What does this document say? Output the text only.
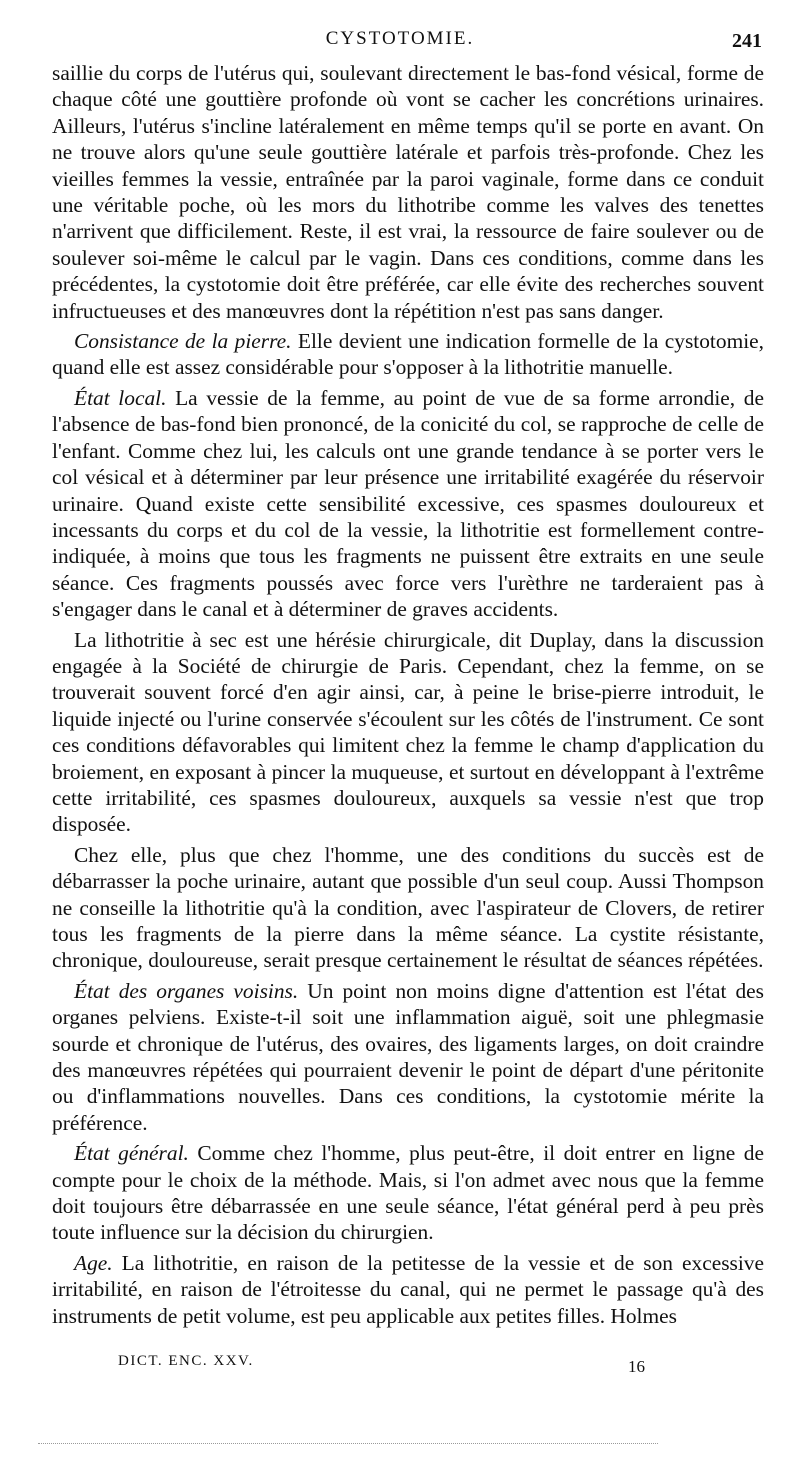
CYSTOTOMIE.	241

saillie du corps de l'utérus qui, soulevant directement le bas-fond vésical, forme de chaque côté une gouttière profonde où vont se cacher les concrétions urinaires. Ailleurs, l'utérus s'incline latéralement en même temps qu'il se porte en avant. On ne trouve alors qu'une seule gouttière latérale et parfois très-profonde. Chez les vieilles femmes la vessie, entraînée par la paroi vaginale, forme dans ce conduit une véritable poche, où les mors du lithotribe comme les valves des tenettes n'arrivent que difficilement. Reste, il est vrai, la ressource de faire soulever ou de soulever soi-même le calcul par le vagin. Dans ces conditions, comme dans les précédentes, la cystotomie doit être préférée, car elle évite des recherches souvent infructueuses et des manœuvres dont la répétition n'est pas sans danger.

Consistance de la pierre. Elle devient une indication formelle de la cystotomie, quand elle est assez considérable pour s'opposer à la lithotritie manuelle.

État local. La vessie de la femme, au point de vue de sa forme arrondie, de l'absence de bas-fond bien prononcé, de la conicité du col, se rapproche de celle de l'enfant. Comme chez lui, les calculs ont une grande tendance à se porter vers le col vésical et à déterminer par leur présence une irritabilité exagérée du réservoir urinaire. Quand existe cette sensibilité excessive, ces spasmes douloureux et incessants du corps et du col de la vessie, la lithotritie est formellement contre-indiquée, à moins que tous les fragments ne puissent être extraits en une seule séance. Ces fragments poussés avec force vers l'urèthre ne tarderaient pas à s'engager dans le canal et à déterminer de graves accidents.

La lithotritie à sec est une hérésie chirurgicale, dit Duplay, dans la discussion engagée à la Société de chirurgie de Paris. Cependant, chez la femme, on se trouverait souvent forcé d'en agir ainsi, car, à peine le brise-pierre introduit, le liquide injecté ou l'urine conservée s'écoulent sur les côtés de l'instrument. Ce sont ces conditions défavorables qui limitent chez la femme le champ d'application du broiement, en exposant à pincer la muqueuse, et surtout en développant à l'extrême cette irritabilité, ces spasmes douloureux, auxquels sa vessie n'est que trop disposée.

Chez elle, plus que chez l'homme, une des conditions du succès est de débarrasser la poche urinaire, autant que possible d'un seul coup. Aussi Thompson ne conseille la lithotritie qu'à la condition, avec l'aspirateur de Clovers, de retirer tous les fragments de la pierre dans la même séance. La cystite résistante, chronique, douloureuse, serait presque certainement le résultat de séances répétées.

État des organes voisins. Un point non moins digne d'attention est l'état des organes pelviens. Existe-t-il soit une inflammation aiguë, soit une phlegmasie sourde et chronique de l'utérus, des ovaires, des ligaments larges, on doit craindre des manœuvres répétées qui pourraient devenir le point de départ d'une péritonite ou d'inflammations nouvelles. Dans ces conditions, la cystotomie mérite la préférence.

État général. Comme chez l'homme, plus peut-être, il doit entrer en ligne de compte pour le choix de la méthode. Mais, si l'on admet avec nous que la femme doit toujours être débarrassée en une seule séance, l'état général perd à peu près toute influence sur la décision du chirurgien.

Age. La lithotritie, en raison de la petitesse de la vessie et de son excessive irritabilité, en raison de l'étroitesse du canal, qui ne permet le passage qu'à des instruments de petit volume, est peu applicable aux petites filles. Holmes

DICT. ENC. XXV.	16
